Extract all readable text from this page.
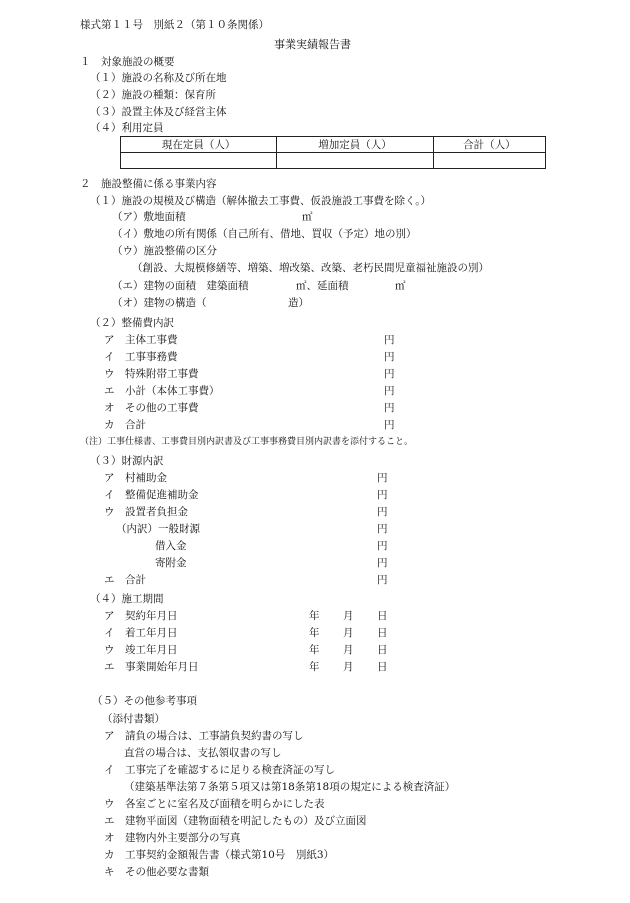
様式第１１号　別紙２（第１０条関係）
事業実績報告書
１　対象施設の概要
（１）施設の名称及び所在地
（２）施設の種類：保育所
（３）設置主体及び経営主体
（４）利用定員
現在定員（人）	増加定員（人）	合計（人）

２　施設整備に係る事業内容
（１）施設の規模及び構造（解体撤去工事費、仮設施設工事費を除く。）
（ア）敷地面積	㎡
（イ）敷地の所有関係（自己所有、借地、買収（予定）地の別）
（ウ）施設整備の区分
（創設、大規模修繕等、増築、増改築、改築、老朽民間児童福祉施設の別）
（エ）建物の面積　建築面積	㎡、延面積	㎡
（オ）建物の構造（	造）
（２）整備費内訳
ア　主体工事費	円
イ　工事事務費	円
ウ　特殊附帯工事費	円
エ　小計（本体工事費）	円
オ　その他の工事費	円
カ　合計	円
（注）工事仕様書、工事費目別内訳書及び工事事務費目別内訳書を添付すること。
（３）財源内訳
ア　村補助金	円
イ　整備促進補助金	円
ウ　設置者負担金	円
（内訳）一般財源	円
借入金	円
寄附金	円
エ　合計	円
（４）施工期間
ア　契約年月日	年 月 日
イ　着工年月日	年 月 日
ウ　竣工年月日	年 月 日
エ　事業開始年月日	年 月 日
（５）その他参考事項
（添付書類）
ア　請負の場合は、工事請負契約書の写し
直営の場合は、支払領収書の写し
イ　工事完了を確認するに足りる検査済証の写し
（建築基準法第７条第５項又は第18条第18項の規定による検査済証）
ウ　各室ごとに室名及び面積を明らかにした表
エ　建物平面図（建物面積を明記したもの）及び立面図
オ　建物内外主要部分の写真
カ　工事契約金額報告書（様式第10号　別紙3）
キ　その他必要な書類
